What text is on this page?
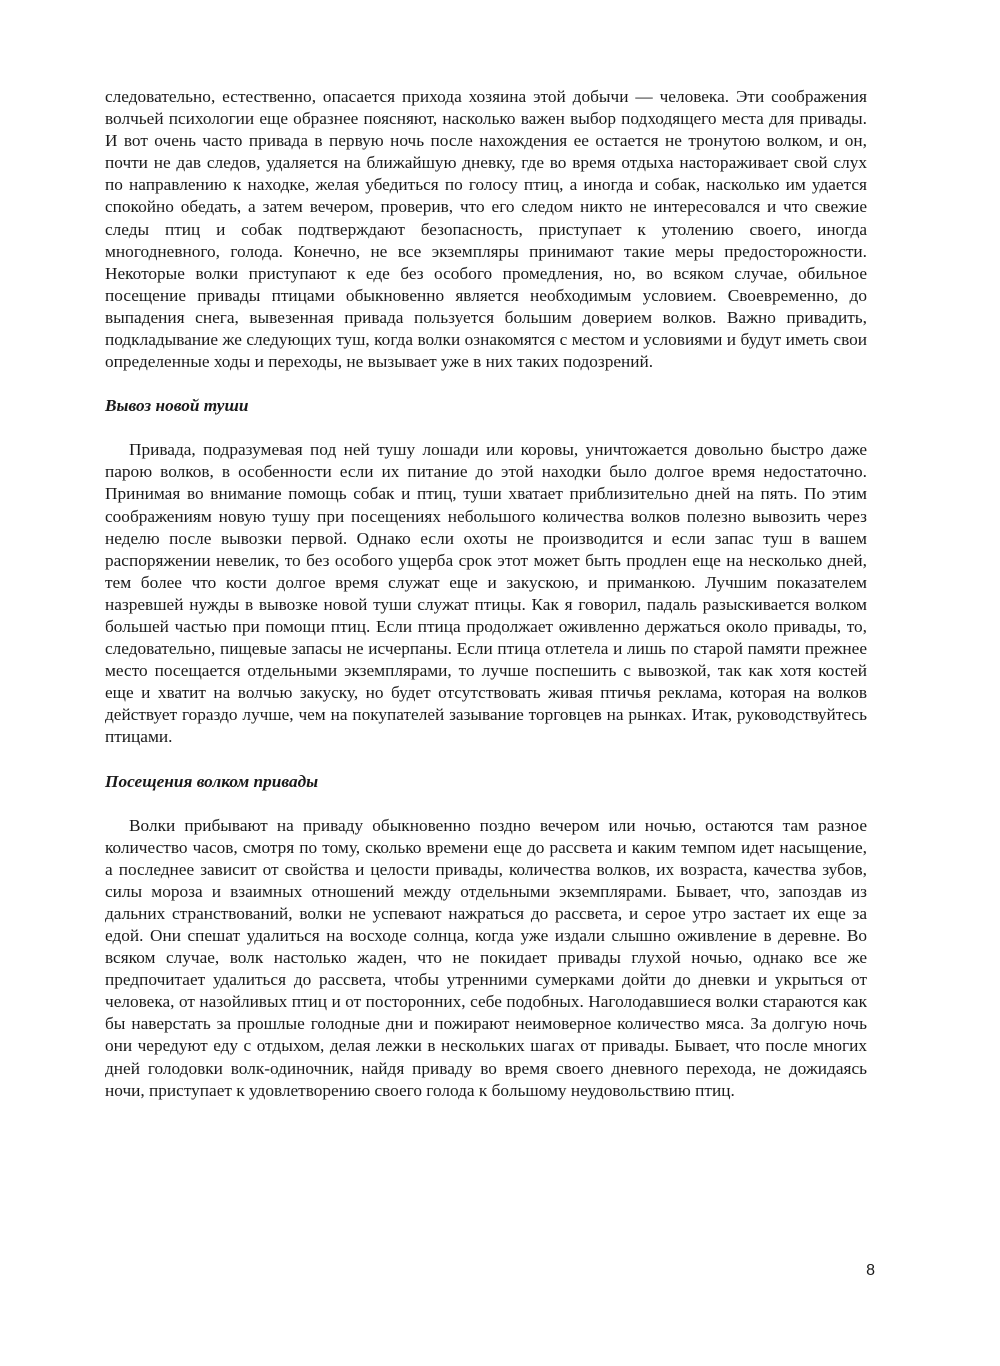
следовательно, естественно, опасается прихода хозяина этой добычи — человека. Эти соображения волчьей психологии еще образнее поясняют, насколько важен выбор подходящего места для привады. И вот очень часто привада в первую ночь после нахождения ее остается не тронутою волком, и он, почти не дав следов, удаляется на ближайшую дневку, где во время отдыха настораживает свой слух по направлению к находке, желая убедиться по голосу птиц, а иногда и собак, насколько им удается спокойно обедать, а затем вечером, проверив, что его следом никто не интересовался и что свежие следы птиц и собак подтверждают безопасность, приступает к утолению своего, иногда многодневного, голода. Конечно, не все экземпляры принимают такие меры предосторожности. Некоторые волки приступают к еде без особого промедления, но, во всяком случае, обильное посещение привады птицами обыкновенно является необходимым условием. Своевременно, до выпадения снега, вывезенная привада пользуется большим доверием волков. Важно привадить, подкладывание же следующих туш, когда волки ознакомятся с местом и условиями и будут иметь свои определенные ходы и переходы, не вызывает уже в них таких подозрений.

Вывоз новой туши

Привада, подразумевая под ней тушу лошади или коровы, уничтожается довольно быстро даже парою волков, в особенности если их питание до этой находки было долгое время недостаточно. Принимая во внимание помощь собак и птиц, туши хватает приблизительно дней на пять. По этим соображениям новую тушу при посещениях небольшого количества волков полезно вывозить через неделю после вывозки первой. Однако если охоты не производится и если запас туш в вашем распоряжении невелик, то без особого ущерба срок этот может быть продлен еще на несколько дней, тем более что кости долгое время служат еще и закускою, и приманкою. Лучшим показателем назревшей нужды в вывозке новой туши служат птицы. Как я говорил, падаль разыскивается волком большей частью при помощи птиц. Если птица продолжает оживленно держаться около привады, то, следовательно, пищевые запасы не исчерпаны. Если птица отлетела и лишь по старой памяти прежнее место посещается отдельными экземплярами, то лучше поспешить с вывозкой, так как хотя костей еще и хватит на волчью закуску, но будет отсутствовать живая птичья реклама, которая на волков действует гораздо лучше, чем на покупателей зазывание торговцев на рынках. Итак, руководствуйтесь птицами.

Посещения волком привады

Волки прибывают на приваду обыкновенно поздно вечером или ночью, остаются там разное количество часов, смотря по тому, сколько времени еще до рассвета и каким темпом идет насыщение, а последнее зависит от свойства и целости привады, количества волков, их возраста, качества зубов, силы мороза и взаимных отношений между отдельными экземплярами. Бывает, что, запоздав из дальних странствований, волки не успевают нажраться до рассвета, и серое утро застает их еще за едой. Они спешат удалиться на восходе солнца, когда уже издали слышно оживление в деревне. Во всяком случае, волк настолько жаден, что не покидает привады глухой ночью, однако все же предпочитает удалиться до рассвета, чтобы утренними сумерками дойти до дневки и укрыться от человека, от назойливых птиц и от посторонних, себе подобных. Наголодавшиеся волки стараются как бы наверстать за прошлые голодные дни и пожирают неимоверное количество мяса. За долгую ночь они чередуют еду с отдыхом, делая лежки в нескольких шагах от привады. Бывает, что после многих дней голодовки волк-одиночник, найдя приваду во время своего дневного перехода, не дожидаясь ночи, приступает к удовлетворению своего голода к большому неудовольствию птиц.

8
